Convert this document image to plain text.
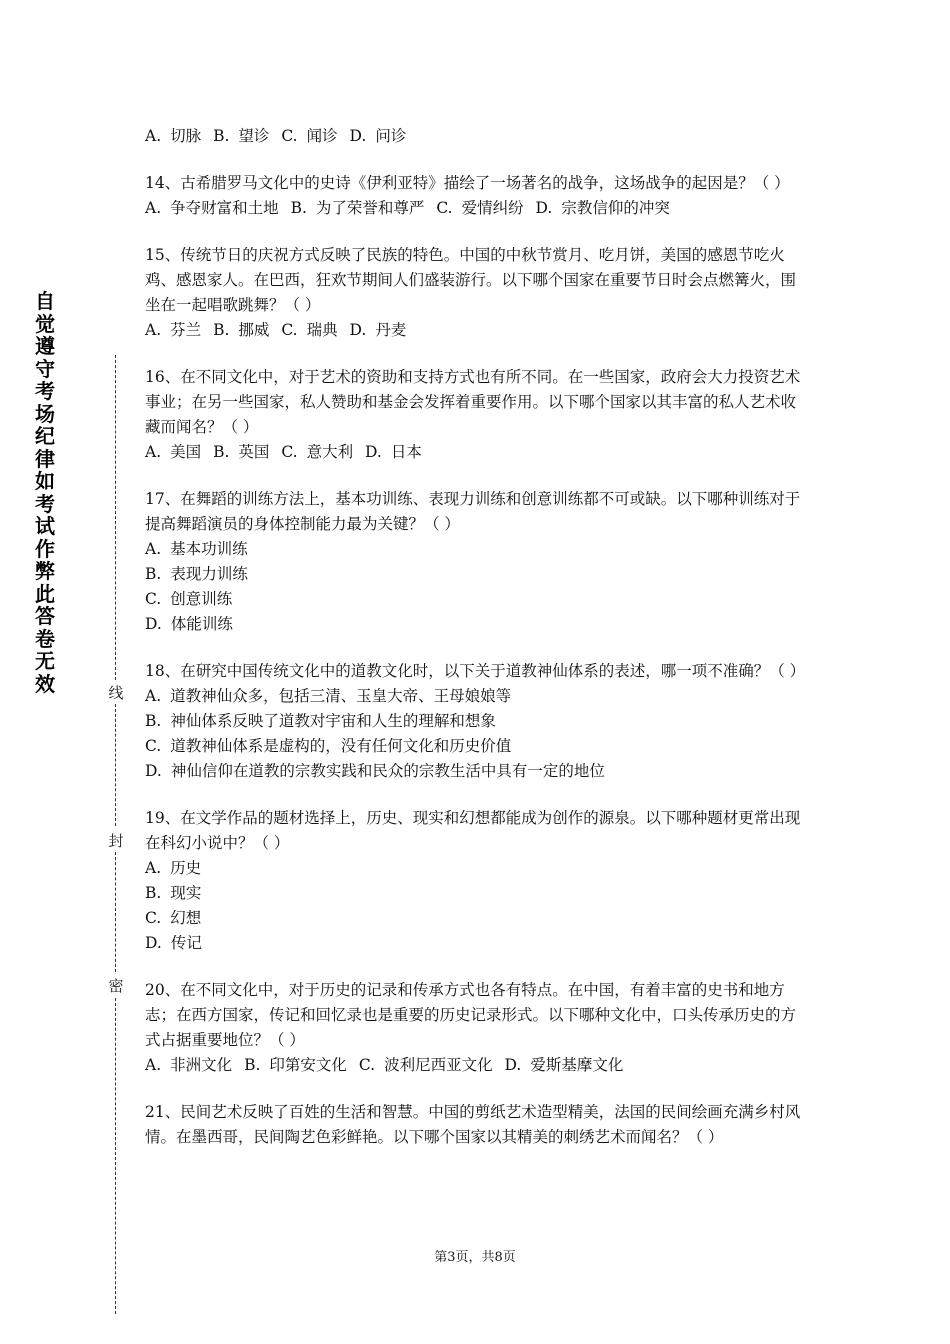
自觉遵守考场纪律如考试作弊此答卷无效	线
封
密
A. 切脉 B. 望诊 C. 闻诊 D. 问诊

14、古希腊罗马文化中的史诗《伊利亚特》描绘了一场著名的战争，这场战争的起因是？（ ）

A. 争夺财富和土地 B. 为了荣誉和尊严 C. 爱情纠纷 D. 宗教信仰的冲突

15、传统节日的庆祝方式反映了民族的特色。中国的中秋节赏月、吃月饼，美国的感恩节吃火鸡、感恩家人。在巴西，狂欢节期间人们盛装游行。以下哪个国家在重要节日时会点燃篝火，围坐在一起唱歌跳舞？（ ）

A. 芬兰 B. 挪威 C. 瑞典 D. 丹麦

16、在不同文化中，对于艺术的资助和支持方式也有所不同。在一些国家，政府会大力投资艺术事业；在另一些国家，私人赞助和基金会发挥着重要作用。以下哪个国家以其丰富的私人艺术收藏而闻名？（ ）

A. 美国 B. 英国 C. 意大利 D. 日本

17、在舞蹈的训练方法上，基本功训练、表现力训练和创意训练都不可或缺。以下哪种训练对于提高舞蹈演员的身体控制能力最为关键？（ ）

A. 基本功训练
B. 表现力训练
C. 创意训练
D. 体能训练

18、在研究中国传统文化中的道教文化时，以下关于道教神仙体系的表述，哪一项不准确？（ ）

A. 道教神仙众多，包括三清、玉皇大帝、王母娘娘等
B. 神仙体系反映了道教对宇宙和人生的理解和想象
C. 道教神仙体系是虚构的，没有任何文化和历史价值
D. 神仙信仰在道教的宗教实践和民众的宗教生活中具有一定的地位

19、在文学作品的题材选择上，历史、现实和幻想都能成为创作的源泉。以下哪种题材更常出现在科幻小说中？（ ）

A. 历史
B. 现实
C. 幻想
D. 传记

20、在不同文化中，对于历史的记录和传承方式也各有特点。在中国，有着丰富的史书和地方志；在西方国家，传记和回忆录也是重要的历史记录形式。以下哪种文化中，口头传承历史的方式占据重要地位？（ ）

A. 非洲文化 B. 印第安文化 C. 波利尼西亚文化 D. 爱斯基摩文化

21、民间艺术反映了百姓的生活和智慧。中国的剪纸艺术造型精美，法国的民间绘画充满乡村风情。在墨西哥，民间陶艺色彩鲜艳。以下哪个国家以其精美的刺绣艺术而闻名？（ ）

第3页，共8页
